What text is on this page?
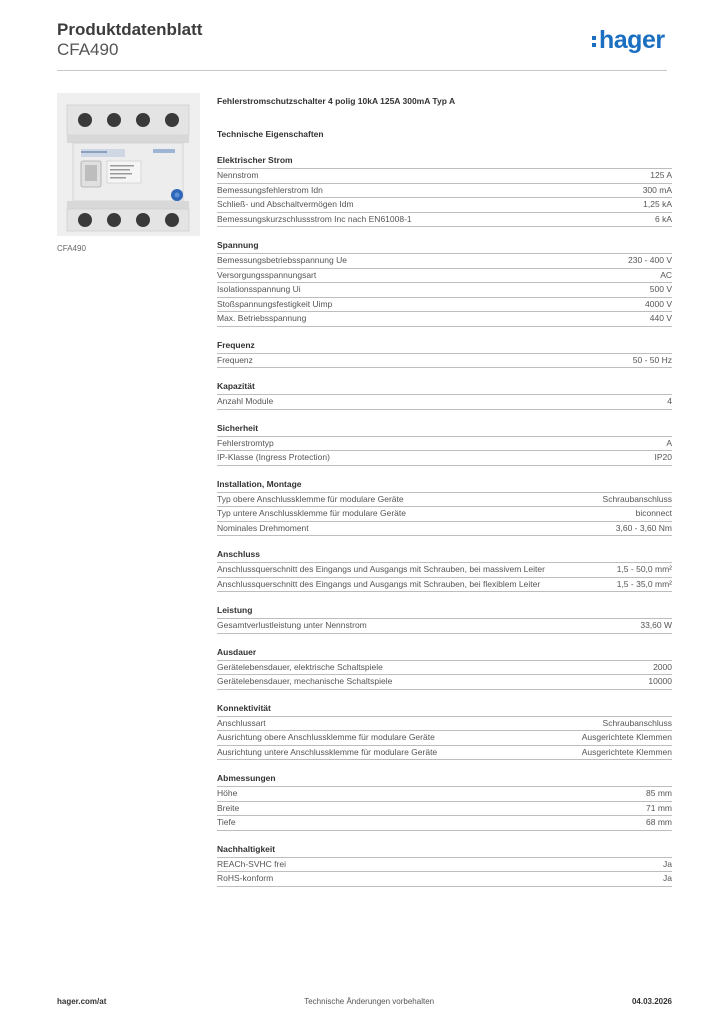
Produktdatenblatt
CFA490	hager
CFA490
Fehlerstromschutzschalter 4 polig 10kA 125A 300mA Typ A
Technische Eigenschaften
Elektrischer Strom
Nennstrom	125 A
Bemessungsfehlerstrom Idn	300 mA
Schließ- und Abschaltvermögen Idm	1,25 kA
Bemessungskurzschlussstrom Inc nach EN61008-1	6 kA
Spannung
Bemessungsbetriebsspannung Ue	230 - 400 V
Versorgungsspannungsart	AC
Isolationsspannung Ui	500 V
Stoßspannungsfestigkeit Uimp	4000 V
Max. Betriebsspannung	440 V
Frequenz
Frequenz	50 - 50 Hz
Kapazität
Anzahl Module	4
Sicherheit
Fehlerstromtyp	A
IP-Klasse (Ingress Protection)	IP20
Installation, Montage
Typ obere Anschlussklemme für modulare Geräte	Schraubanschluss
Typ untere Anschlussklemme für modulare Geräte	biconnect
Nominales Drehmoment	3,60 - 3,60 Nm
Anschluss
Anschlussquerschnitt des Eingangs und Ausgangs mit Schrauben, bei massivem Leiter	1,5 - 50,0 mm²
Anschlussquerschnitt des Eingangs und Ausgangs mit Schrauben, bei flexiblem Leiter	1,5 - 35,0 mm²
Leistung
Gesamtverlustleistung unter Nennstrom	33,60 W
Ausdauer
Gerätelebensdauer, elektrische Schaltspiele	2000
Gerätelebensdauer, mechanische Schaltspiele	10000
Konnektivität
Anschlussart	Schraubanschluss
Ausrichtung obere Anschlussklemme für modulare Geräte	Ausgerichtete Klemmen
Ausrichtung untere Anschlussklemme für modulare Geräte	Ausgerichtete Klemmen
Abmessungen
Höhe	85 mm
Breite	71 mm
Tiefe	68 mm
Nachhaltigkeit
REACh-SVHC frei	Ja
RoHS-konform	Ja
hager.com/at	Technische Änderungen vorbehalten	04.03.2026
